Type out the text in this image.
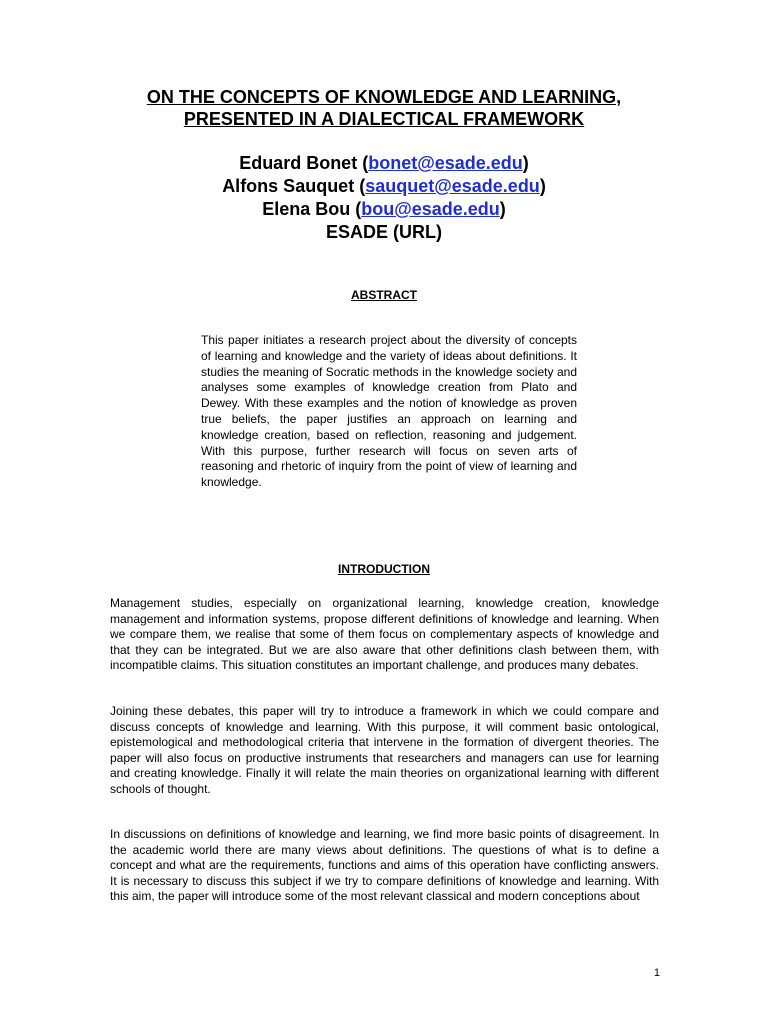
ON THE CONCEPTS OF KNOWLEDGE AND LEARNING,
PRESENTED IN A DIALECTICAL FRAMEWORK
Eduard Bonet (bonet@esade.edu)
Alfons Sauquet (sauquet@esade.edu)
Elena Bou (bou@esade.edu)
ESADE (URL)
ABSTRACT
This paper initiates a research project about the diversity of concepts of learning and knowledge and the variety of ideas about definitions. It studies the meaning of Socratic methods in the knowledge society and analyses some examples of knowledge creation from Plato and Dewey. With these examples and the notion of knowledge as proven true beliefs, the paper justifies an approach on learning and knowledge creation, based on reflection, reasoning and judgement. With this purpose, further research will focus on seven arts of reasoning and rhetoric of inquiry from the point of view of learning and knowledge.
INTRODUCTION
Management studies, especially on organizational learning, knowledge creation, knowledge management and information systems, propose different definitions of knowledge and learning. When we compare them, we realise that some of them focus on complementary aspects of knowledge and that they can be integrated. But we are also aware that other definitions clash between them, with incompatible claims. This situation constitutes an important challenge, and produces many debates.
Joining these debates, this paper will try to introduce a framework in which we could compare and discuss concepts of knowledge and learning. With this purpose, it will comment basic ontological, epistemological and methodological criteria that intervene in the formation of divergent theories. The paper will also focus on productive instruments that researchers and managers can use for learning and creating knowledge. Finally it will relate the main theories on organizational learning with different schools of thought.
In discussions on definitions of knowledge and learning, we find more basic points of disagreement. In the academic world there are many views about definitions. The questions of what is to define a concept and what are the requirements, functions and aims of this operation have conflicting answers. It is necessary to discuss this subject if we try to compare definitions of knowledge and learning. With this aim, the paper will introduce some of the most relevant classical and modern conceptions about
1
